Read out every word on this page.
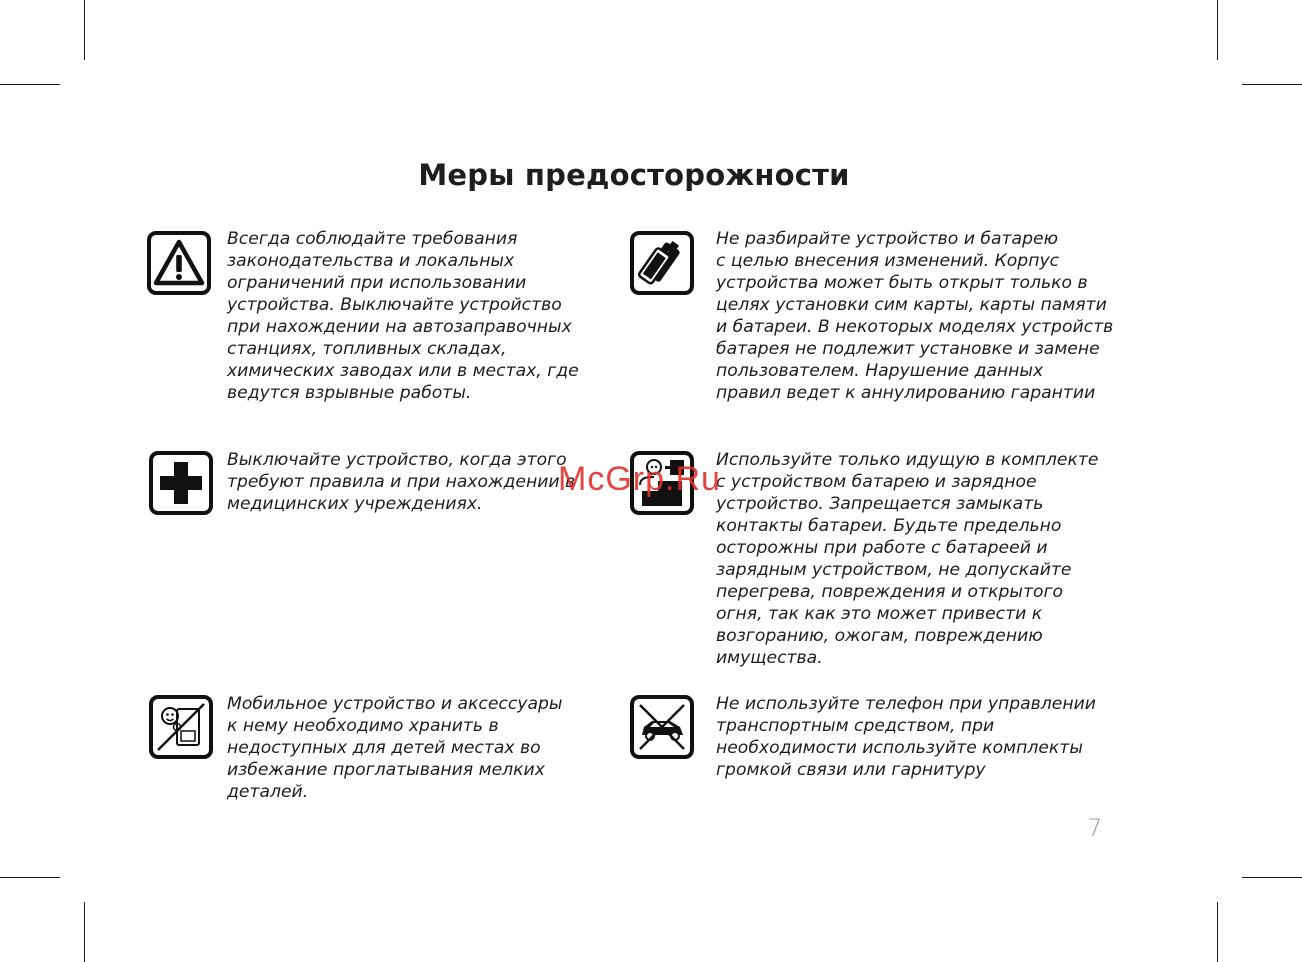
Меры предосторожности
Всегда соблюдайте требования
законодательства и локальных
ограничений при использовании
устройства. Выключайте устройство
при нахождении на автозаправочных
станциях, топливных складах,
химических заводах или в местах, где
ведутся взрывные работы.
Не разбирайте устройство и батарею
с целью внесения изменений. Корпус
устройства может быть открыт только в
целях установки сим карты, карты памяти
и батареи. В некоторых моделях устройств
батарея не подлежит установке и замене
пользователем. Нарушение данных
правил ведет к аннулированию гарантии
Выключайте устройство, когда этого
требуют правила и при нахождении в
медицинских учреждениях.
Используйте только идущую в комплекте
с устройством батарею и зарядное
устройство. Запрещается замыкать
контакты батареи. Будьте предельно
осторожны при работе с батареей и
зарядным устройством, не допускайте
перегрева, повреждения и открытого
огня, так как это может привести к
возгоранию, ожогам, повреждению
имущества.
Мобильное устройство и аксессуары
к нему необходимо хранить в
недоступных для детей местах во
избежание проглатывания мелких
деталей.
Не используйте телефон при управлении
транспортным средством, при
необходимости используйте комплекты
громкой связи или гарнитуру
McGrp.Ru
7
